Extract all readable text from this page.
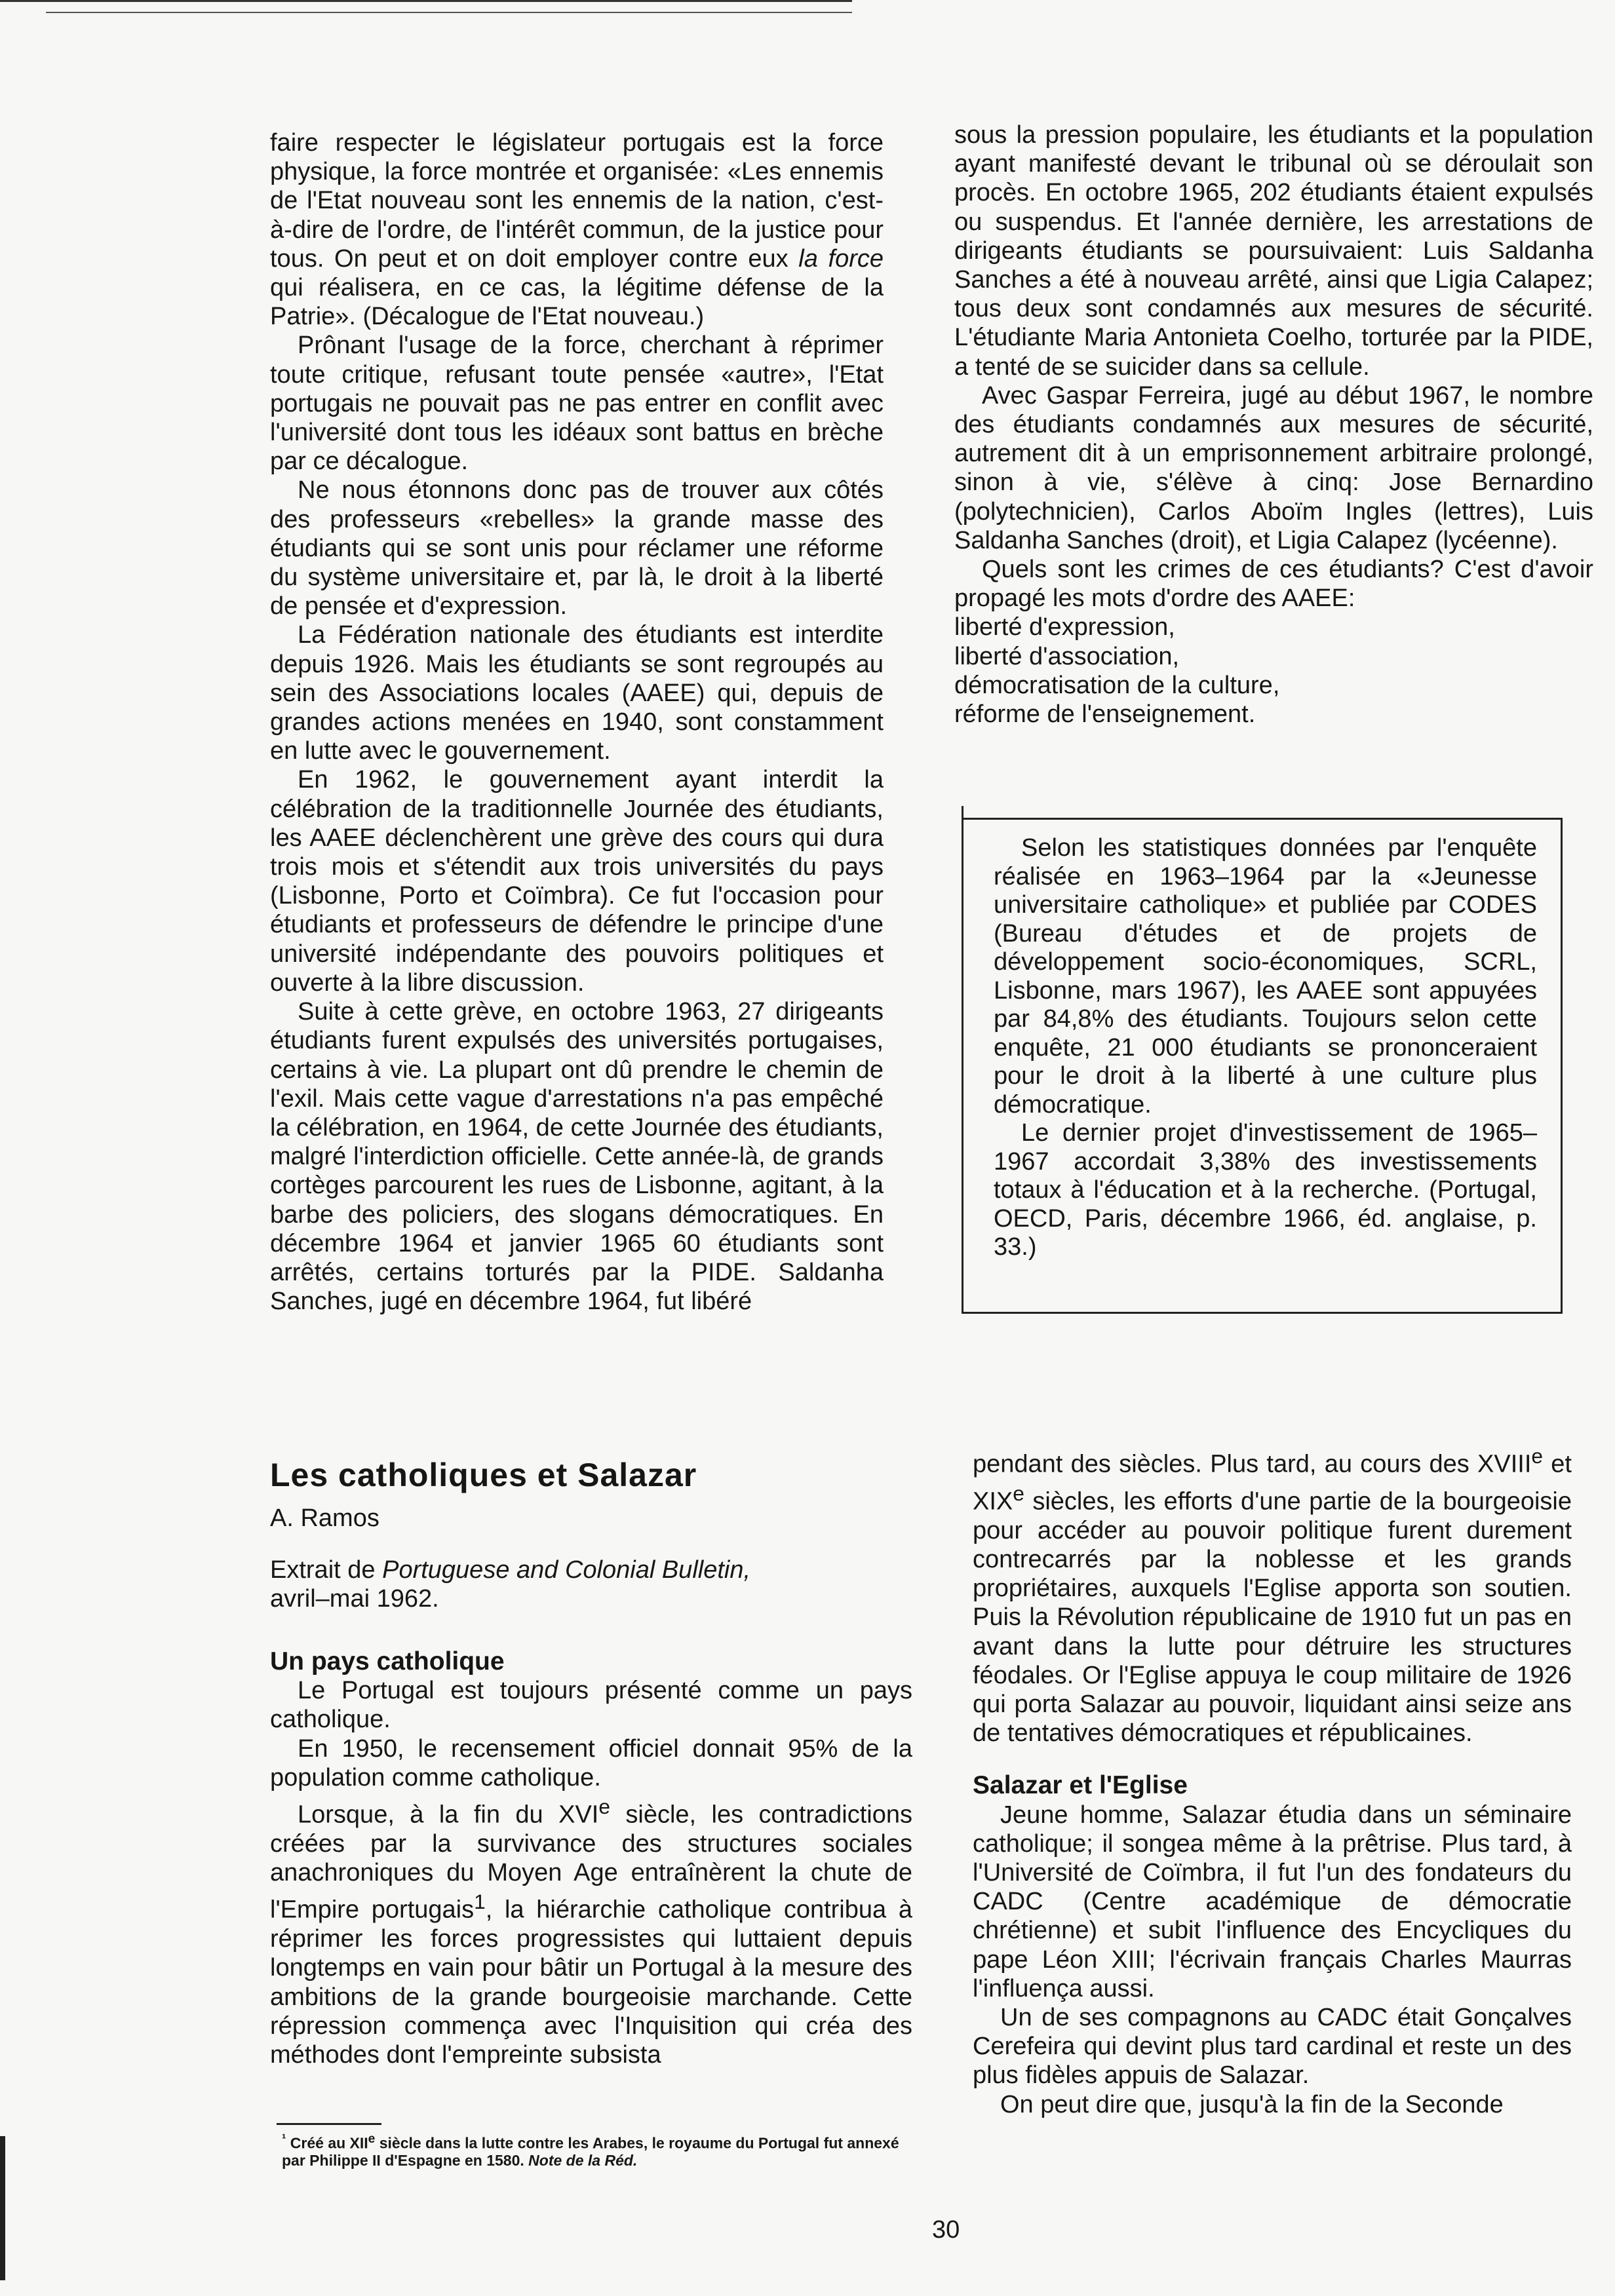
faire respecter le législateur portugais est la force physique, la force montrée et organisée: «Les ennemis de l'Etat nouveau sont les ennemis de la nation, c'est-à-dire de l'ordre, de l'intérêt commun, de la justice pour tous. On peut et on doit employer contre eux la force qui réalisera, en ce cas, la légitime défense de la Patrie». (Décalogue de l'Etat nouveau.)

Prônant l'usage de la force, cherchant à réprimer toute critique, refusant toute pensée «autre», l'Etat portugais ne pouvait pas ne pas entrer en conflit avec l'université dont tous les idéaux sont battus en brèche par ce décalogue.

Ne nous étonnons donc pas de trouver aux côtés des professeurs «rebelles» la grande masse des étudiants qui se sont unis pour réclamer une réforme du système universitaire et, par là, le droit à la liberté de pensée et d'expression.

La Fédération nationale des étudiants est interdite depuis 1926. Mais les étudiants se sont regroupés au sein des Associations locales (AAEE) qui, depuis de grandes actions menées en 1940, sont constamment en lutte avec le gouvernement.

En 1962, le gouvernement ayant interdit la célébration de la traditionnelle Journée des étudiants, les AAEE déclenchèrent une grève des cours qui dura trois mois et s'étendit aux trois universités du pays (Lisbonne, Porto et Coïmbra). Ce fut l'occasion pour étudiants et professeurs de défendre le principe d'une université indépendante des pouvoirs politiques et ouverte à la libre discussion.

Suite à cette grève, en octobre 1963, 27 dirigeants étudiants furent expulsés des universités portugaises, certains à vie. La plupart ont dû prendre le chemin de l'exil. Mais cette vague d'arrestations n'a pas empêché la célébration, en 1964, de cette Journée des étudiants, malgré l'interdiction officielle. Cette année-là, de grands cortèges parcourent les rues de Lisbonne, agitant, à la barbe des policiers, des slogans démocratiques. En décembre 1964 et janvier 1965 60 étudiants sont arrêtés, certains torturés par la PIDE. Saldanha Sanches, jugé en décembre 1964, fut libéré

sous la pression populaire, les étudiants et la population ayant manifesté devant le tribunal où se déroulait son procès. En octobre 1965, 202 étudiants étaient expulsés ou suspendus. Et l'année dernière, les arrestations de dirigeants étudiants se poursuivaient: Luis Saldanha Sanches a été à nouveau arrêté, ainsi que Ligia Calapez; tous deux sont condamnés aux mesures de sécurité. L'étudiante Maria Antonieta Coelho, torturée par la PIDE, a tenté de se suicider dans sa cellule.

Avec Gaspar Ferreira, jugé au début 1967, le nombre des étudiants condamnés aux mesures de sécurité, autrement dit à un emprisonnement arbitraire prolongé, sinon à vie, s'élève à cinq: Jose Bernardino (polytechnicien), Carlos Aboïm Ingles (lettres), Luis Saldanha Sanches (droit), et Ligia Calapez (lycéenne).

Quels sont les crimes de ces étudiants? C'est d'avoir propagé les mots d'ordre des AAEE:

liberté d'expression,

liberté d'association,

démocratisation de la culture,

réforme de l'enseignement.

Selon les statistiques données par l'enquête réalisée en 1963–1964 par la «Jeunesse universitaire catholique» et publiée par CODES (Bureau d'études et de projets de développement socio-économiques, SCRL, Lisbonne, mars 1967), les AAEE sont appuyées par 84,8% des étudiants. Toujours selon cette enquête, 21 000 étudiants se prononceraient pour le droit à la liberté à une culture plus démocratique.

Le dernier projet d'investissement de 1965–1967 accordait 3,38% des investissements totaux à l'éducation et à la recherche. (Portugal, OECD, Paris, décembre 1966, éd. anglaise, p. 33.)

Les catholiques et Salazar
A. Ramos
Extrait de Portuguese and Colonial Bulletin,
avril–mai 1962.
Un pays catholique

Le Portugal est toujours présenté comme un pays catholique.

En 1950, le recensement officiel donnait 95% de la population comme catholique.

Lorsque, à la fin du XVIe siècle, les contradictions créées par la survivance des structures sociales anachroniques du Moyen Age entraînèrent la chute de l'Empire portugais$^1$, la hiérarchie catholique contribua à réprimer les forces progressistes qui luttaient depuis longtemps en vain pour bâtir un Portugal à la mesure des ambitions de la grande bourgeoisie marchande. Cette répression commença avec l'Inquisition qui créa des méthodes dont l'empreinte subsista

pendant des siècles. Plus tard, au cours des XVIIIe et XIXe siècles, les efforts d'une partie de la bourgeoisie pour accéder au pouvoir politique furent durement contrecarrés par la noblesse et les grands propriétaires, auxquels l'Eglise apporta son soutien. Puis la Révolution républicaine de 1910 fut un pas en avant dans la lutte pour détruire les structures féodales. Or l'Eglise appuya le coup militaire de 1926 qui porta Salazar au pouvoir, liquidant ainsi seize ans de tentatives démocratiques et républicaines.

Salazar et l'Eglise

Jeune homme, Salazar étudia dans un séminaire catholique; il songea même à la prêtrise. Plus tard, à l'Université de Coïmbra, il fut l'un des fondateurs du CADC (Centre académique de démocratie chrétienne) et subit l'influence des Encycliques du pape Léon XIII; l'écrivain français Charles Maurras l'influença aussi.

Un de ses compagnons au CADC était Gonçalves Cerefeira qui devint plus tard cardinal et reste un des plus fidèles appuis de Salazar.

On peut dire que, jusqu'à la fin de la Seconde

$^{^1}$ Créé au XIIe siècle dans la lutte contre les Arabes, le royaume du Portugal fut annexé par Philippe II d'Espagne en 1580. Note de la Réd.
30
